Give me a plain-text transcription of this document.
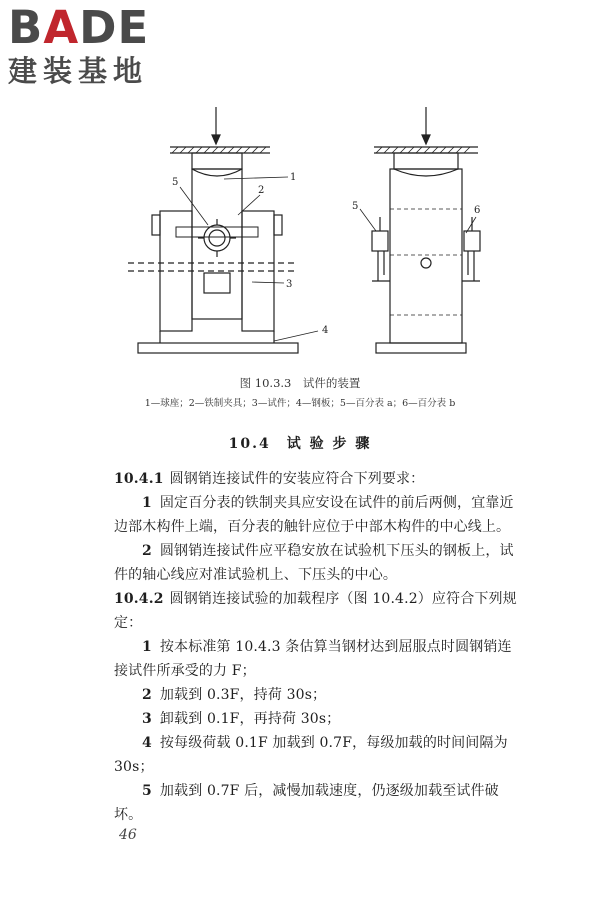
BADE
建装基地
1
2
5
3
4
5	6
图 10.3.3　试件的装置
1—球座；2—铁制夹具；3—试件；4—钢板；5—百分表 a；6—百分表 b
10.4　 试 验 步 骤

10.4.1 圆钢销连接试件的安装应符合下列要求：

1 固定百分表的铁制夹具应安设在试件的前后两侧，宜靠近边部木构件上端，百分表的触针应位于中部木构件的中心线上。

2 圆钢销连接试件应平稳安放在试验机下压头的钢板上，试件的轴心线应对准试验机上、下压头的中心。

10.4.2 圆钢销连接试验的加载程序（图 10.4.2）应符合下列规定：

1 按本标准第 10.4.3 条估算当钢材达到屈服点时圆钢销连接试件所承受的力 F；

2 加载到 0.3F，持荷 30s；

3 卸载到 0.1F，再持荷 30s；

4 按每级荷载 0.1F 加载到 0.7F，每级加载的时间间隔为 30s；

5 加载到 0.7F 后，减慢加载速度，仍逐级加载至试件破坏。

46
